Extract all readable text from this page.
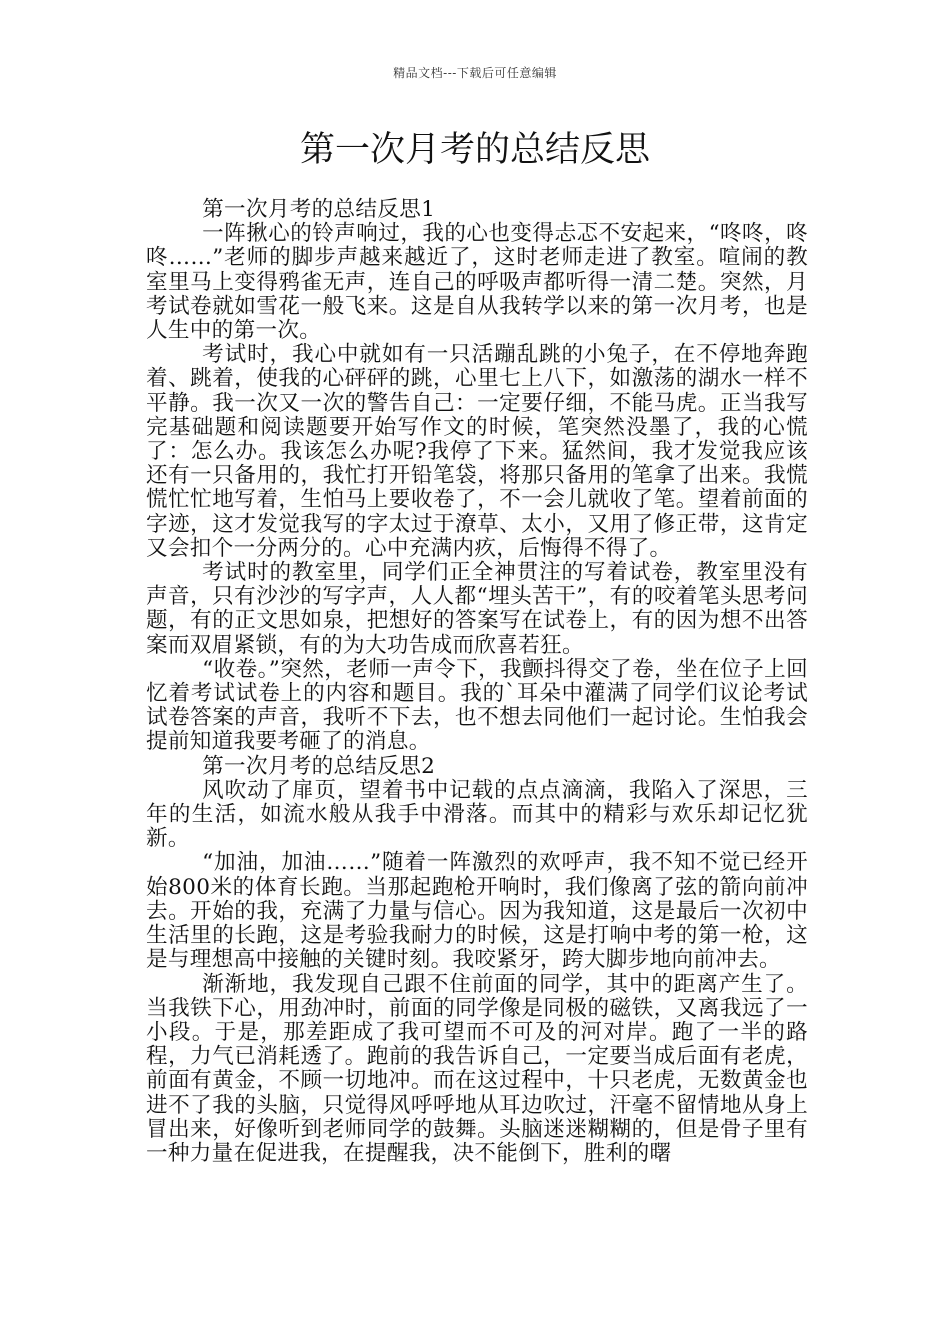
精品文档---下载后可任意编辑
第一次月考的总结反思

第一次月考的总结反思1

一阵揪心的铃声响过，我的心也变得忐忑不安起来，“咚咚，咚咚……”老师的脚步声越来越近了，这时老师走进了教室。喧闹的教室里马上变得鸦雀无声，连自己的呼吸声都听得一清二楚。突然，月考试卷就如雪花一般飞来。这是自从我转学以来的第一次月考，也是人生中的第一次。

考试时，我心中就如有一只活蹦乱跳的小兔子，在不停地奔跑着、跳着，使我的心砰砰的跳，心里七上八下，如激荡的湖水一样不平静。我一次又一次的警告自己：一定要仔细，不能马虎。正当我写完基础题和阅读题要开始写作文的时候，笔突然没墨了，我的心慌了：怎么办。我该怎么办呢?我停了下来。猛然间，我才发觉我应该还有一只备用的，我忙打开铅笔袋，将那只备用的笔拿了出来。我慌慌忙忙地写着，生怕马上要收卷了，不一会儿就收了笔。望着前面的字迹，这才发觉我写的字太过于潦草、太小，又用了修正带，这肯定又会扣个一分两分的。心中充满内疚，后悔得不得了。

考试时的教室里，同学们正全神贯注的写着试卷，教室里没有声音，只有沙沙的写字声，人人都“埋头苦干”，有的咬着笔头思考问题，有的正文思如泉，把想好的答案写在试卷上，有的因为想不出答案而双眉紧锁，有的为大功告成而欣喜若狂。

“收卷。”突然，老师一声令下，我颤抖得交了卷，坐在位子上回忆着考试试卷上的内容和题目。我的`耳朵中灌满了同学们议论考试试卷答案的声音，我听不下去，也不想去同他们一起讨论。生怕我会提前知道我要考砸了的消息。

第一次月考的总结反思2

风吹动了扉页，望着书中记载的点点滴滴，我陷入了深思，三年的生活，如流水般从我手中滑落。而其中的精彩与欢乐却记忆犹新。

“加油，加油……”随着一阵激烈的欢呼声，我不知不觉已经开始800米的体育长跑。当那起跑枪开响时，我们像离了弦的箭向前冲去。开始的我，充满了力量与信心。因为我知道，这是最后一次初中生活里的长跑，这是考验我耐力的时候，这是打响中考的第一枪，这是与理想高中接触的关键时刻。我咬紧牙，跨大脚步地向前冲去。

渐渐地，我发现自己跟不住前面的同学，其中的距离产生了。当我铁下心，用劲冲时，前面的同学像是同极的磁铁，又离我远了一小段。于是，那差距成了我可望而不可及的河对岸。跑了一半的路程，力气已消耗透了。跑前的我告诉自己，一定要当成后面有老虎，前面有黄金，不顾一切地冲。而在这过程中，十只老虎，无数黄金也进不了我的头脑，只觉得风呼呼地从耳边吹过，汗毫不留情地从身上冒出来，好像听到老师同学的鼓舞。头脑迷迷糊糊的，但是骨子里有一种力量在促进我，在提醒我，决不能倒下，胜利的曙
